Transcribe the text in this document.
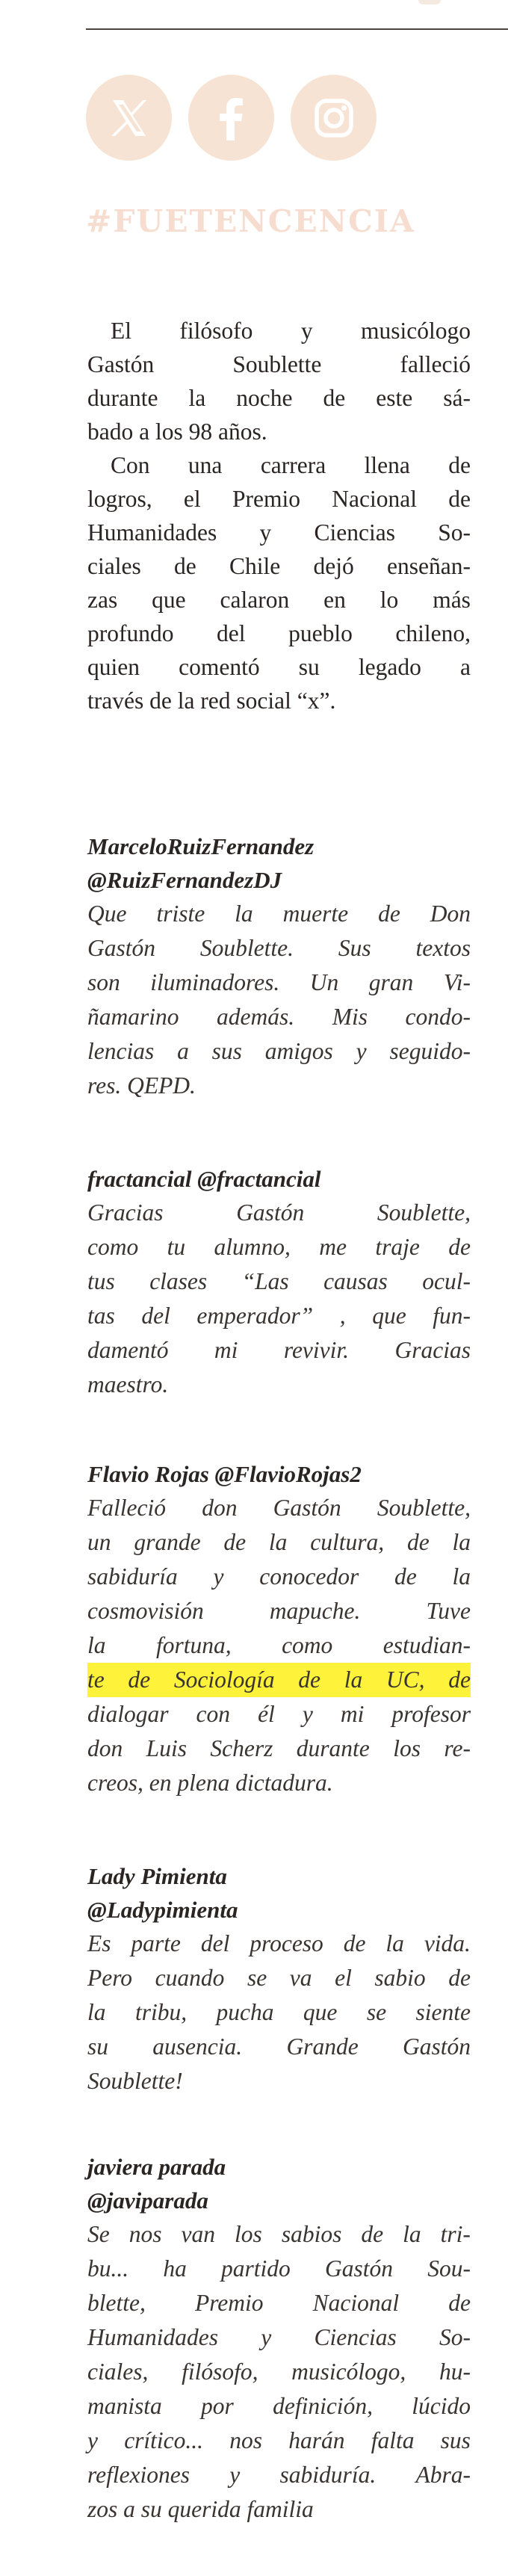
#FUETENCENCIA

El filósofo y musicólogo
Gastón	Soublette	falleció
durante la noche de este sá-
bado a los 98 años.

Con una carrera llena de
logros, el Premio Nacional de
Humanidades y Ciencias So-
ciales de Chile dejó enseñan-
zas que calaron en lo más
profundo del pueblo chileno,
quien comentó su legado a
través de la red social “x”.

MarceloRuizFernandez
@RuizFernandezDJ
Que triste la muerte de Don
Gastón Soublette. Sus textos
son iluminadores. Un gran Vi-
ñamarino además. Mis condo-
lencias a sus amigos y seguido-
res. QEPD.
fractancial @fractancial
Gracias	Gastón	Soublette,
como tu alumno, me traje de
tus clases “Las causas ocul-
tas del emperador” , que fun-
damentó mi revivir. Gracias
maestro.
Flavio Rojas @FlavioRojas2
Falleció don Gastón Soublette,
un grande de la cultura, de la
sabiduría y conocedor de la
cosmovisión	mapuche.	Tuve
la fortuna, como estudian-
te de Sociología de la UC, de
dialogar con él y mi profesor
don Luis Scherz durante los re-
creos, en plena dictadura.
Lady Pimienta
@Ladypimienta
Es parte del proceso de la vida.
Pero cuando se va el sabio de
la tribu, pucha que se siente
su ausencia. Grande Gastón
Soublette!
javiera parada
@javiparada
Se nos van los sabios de la tri-
bu... ha partido Gastón Sou-
blette, Premio Nacional de
Humanidades y Ciencias So-
ciales, filósofo, musicólogo, hu-
manista por definición, lúcido
y crítico... nos harán falta sus
reflexiones y sabiduría. Abra-
zos a su querida familia
